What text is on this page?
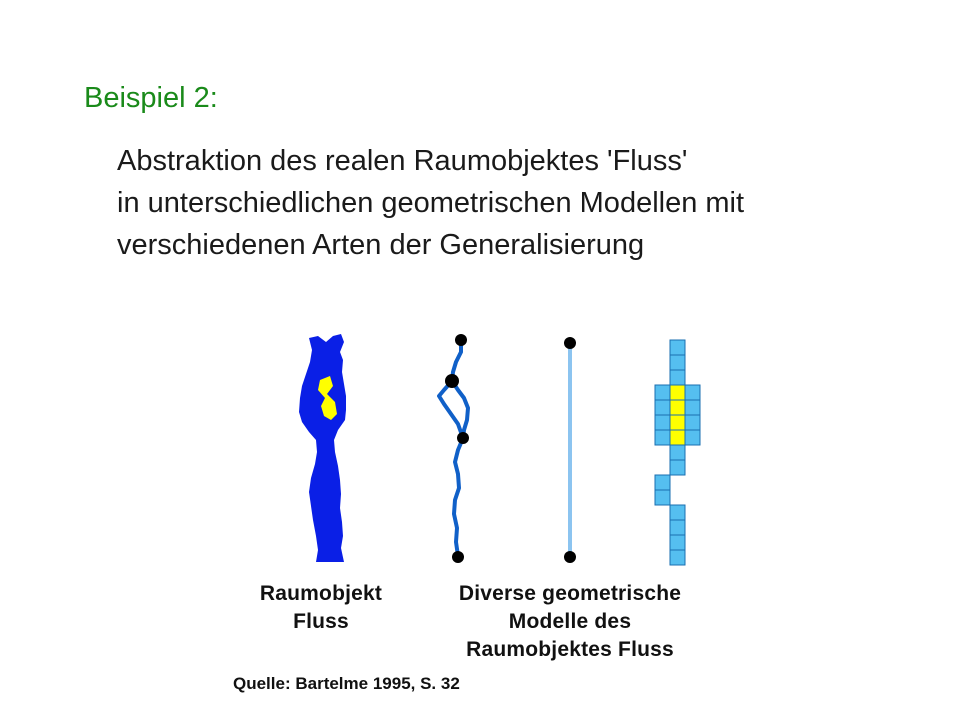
Beispiel 2:
Abstraktion des realen Raumobjektes 'Fluss'
in unterschiedlichen geometrischen Modellen mit
verschiedenen Arten der Generalisierung
Raumobjekt
Fluss
Diverse geometrische
Modelle des
Raumobjektes Fluss
Quelle: Bartelme 1995, S. 32
